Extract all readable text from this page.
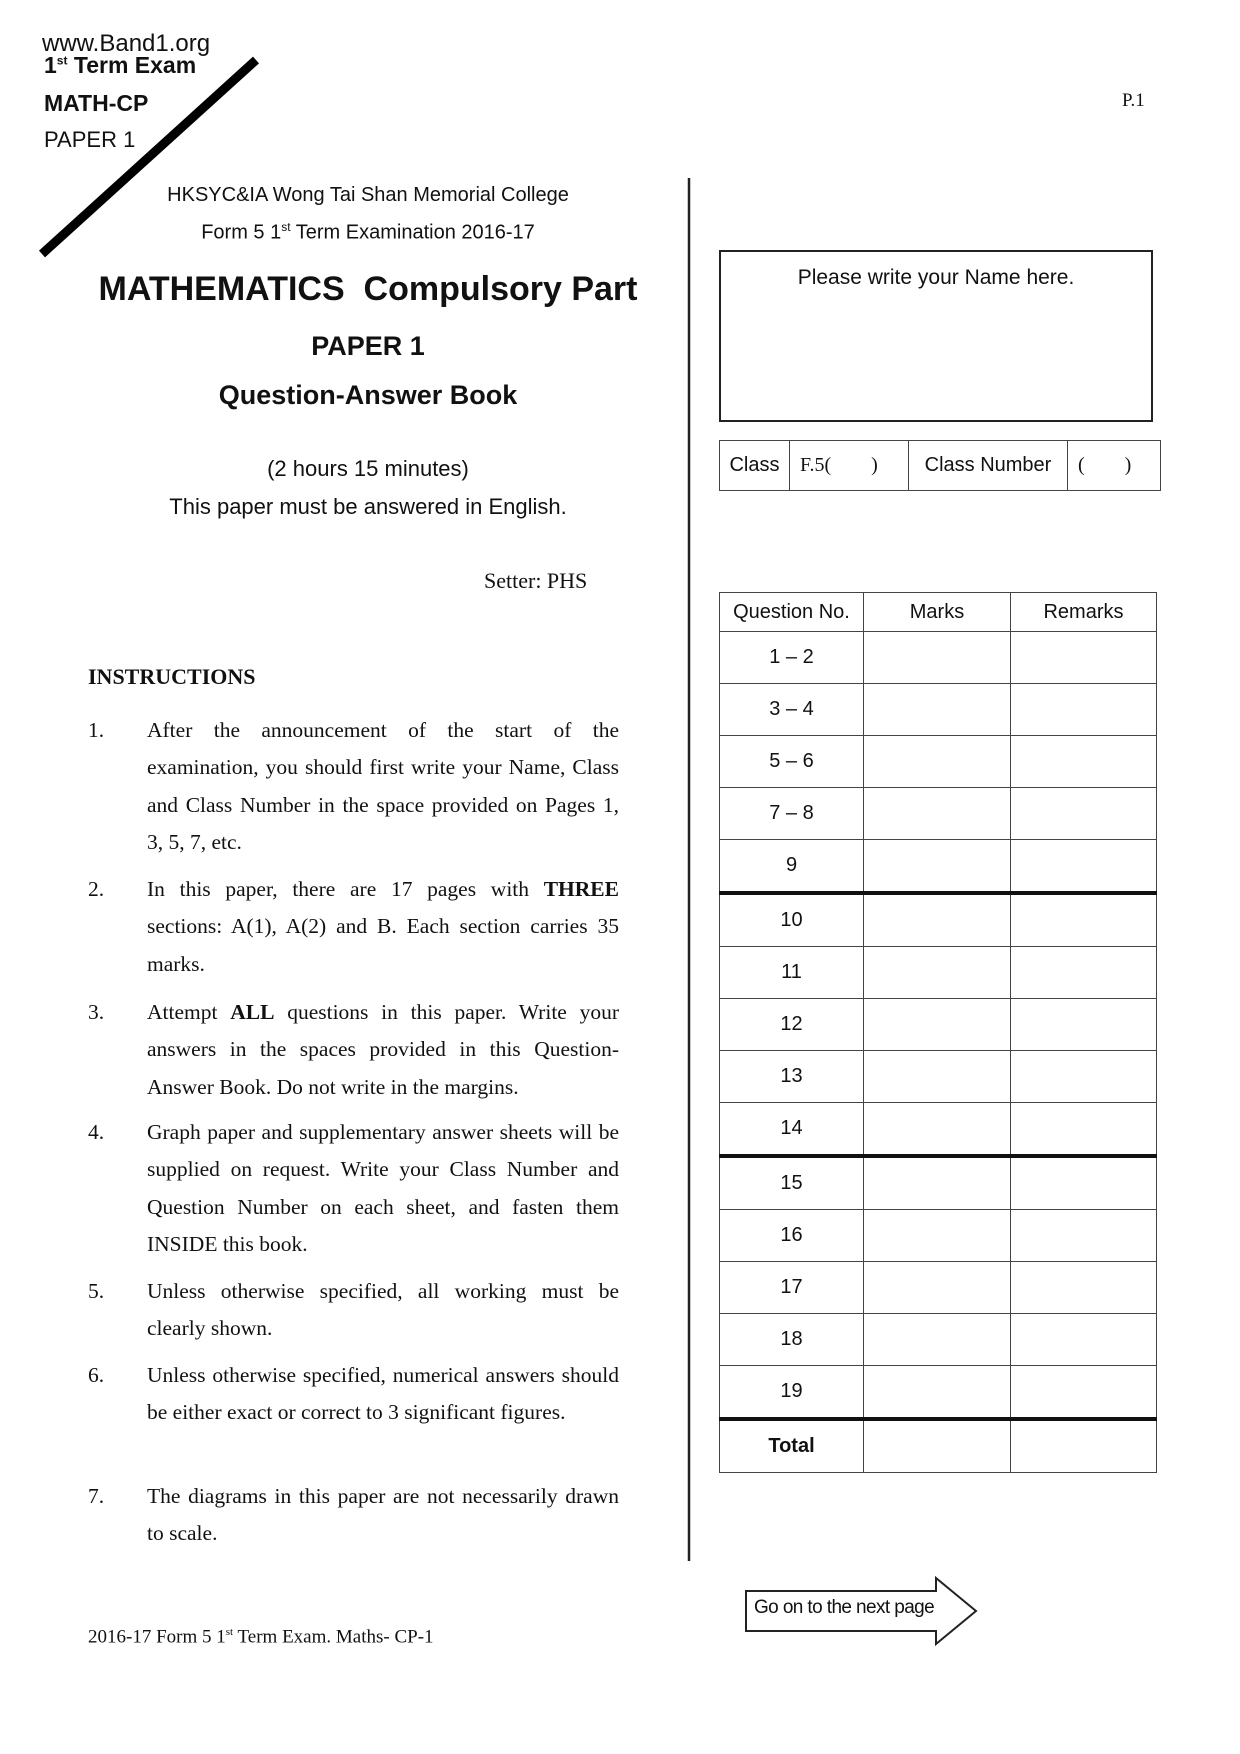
www.Band1.org
1st Term Exam
MATH-CP
PAPER 1
P.1
HKSYC&IA Wong Tai Shan Memorial College
Form 5 1st Term Examination 2016-17
MATHEMATICS  Compulsory Part
PAPER 1
Question-Answer Book
(2 hours 15 minutes)
This paper must be answered in English.
Setter: PHS
INSTRUCTIONS
1. After the announcement of the start of the examination, you should first write your Name, Class and Class Number in the space provided on Pages 1, 3, 5, 7, etc.
2. In this paper, there are 17 pages with THREE sections: A(1), A(2) and B. Each section carries 35 marks.
3. Attempt ALL questions in this paper. Write your answers in the spaces provided in this Question-Answer Book. Do not write in the margins.
4. Graph paper and supplementary answer sheets will be supplied on request. Write your Class Number and Question Number on each sheet, and fasten them INSIDE this book.
5. Unless otherwise specified, all working must be clearly shown.
6. Unless otherwise specified, numerical answers should be either exact or correct to 3 significant figures.
7. The diagrams in this paper are not necessarily drawn to scale.
Please write your Name here.
Class	F.5(        )	Class Number	(        )
Question No.	Marks	Remarks
1 – 2		
3 – 4		
5 – 6		
7 – 8		
9		
10		
11		
12		
13		
14		
15		
16		
17		
18		
19		
Total		
Go on to the next page
2016-17 Form 5 1st Term Exam. Maths- CP-1
